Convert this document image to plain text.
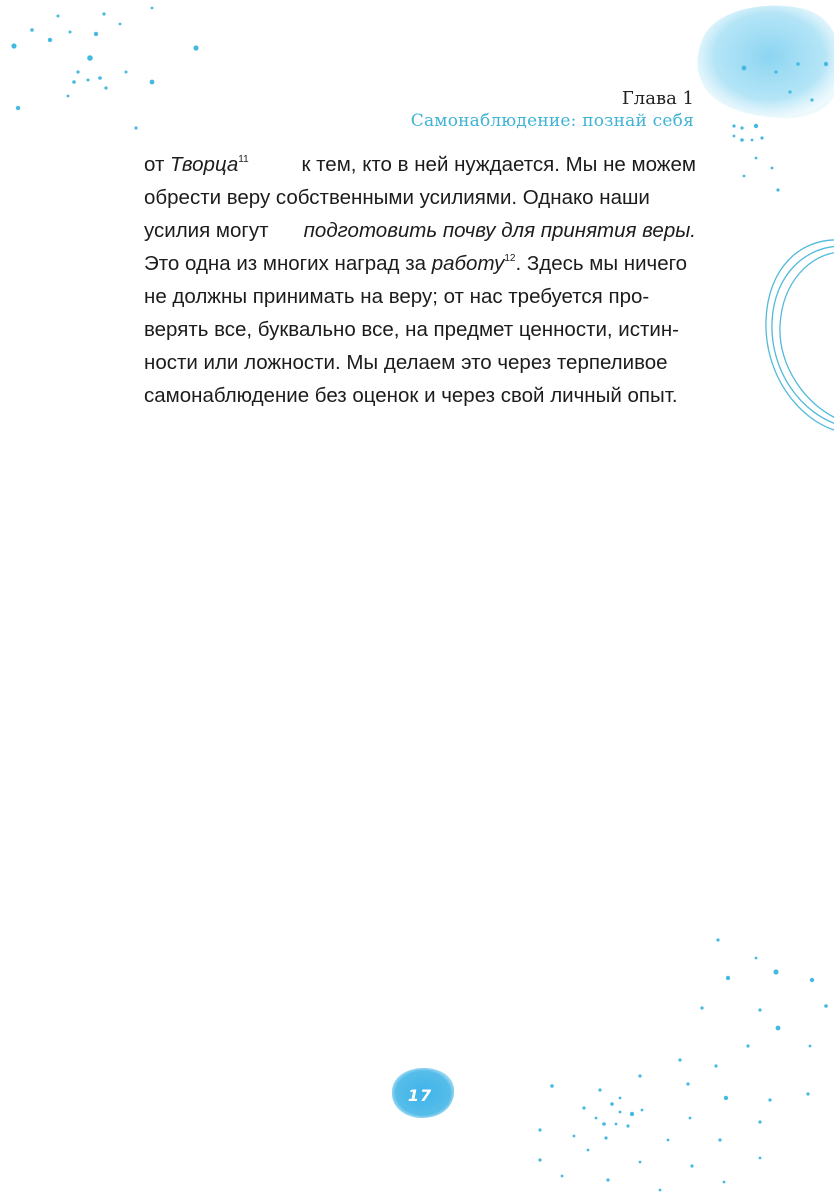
Глава 1
Самонаблюдение: познай себя
от Творца$^{11}$	к тем, кто в ней нуждается. Мы не можем
обрести веру собственными усилиями. Однако наши
усилия могут подготовить почву для принятия веры.
Это одна из многих наград за работу$^{12}$. Здесь мы ничего
не должны принимать на веру; от нас требуется про-
верять все, буквально все, на предмет ценности, истин-
ности или ложности. Мы делаем это через терпеливое
самонаблюдение без оценок и через свой личный опыт.
17
